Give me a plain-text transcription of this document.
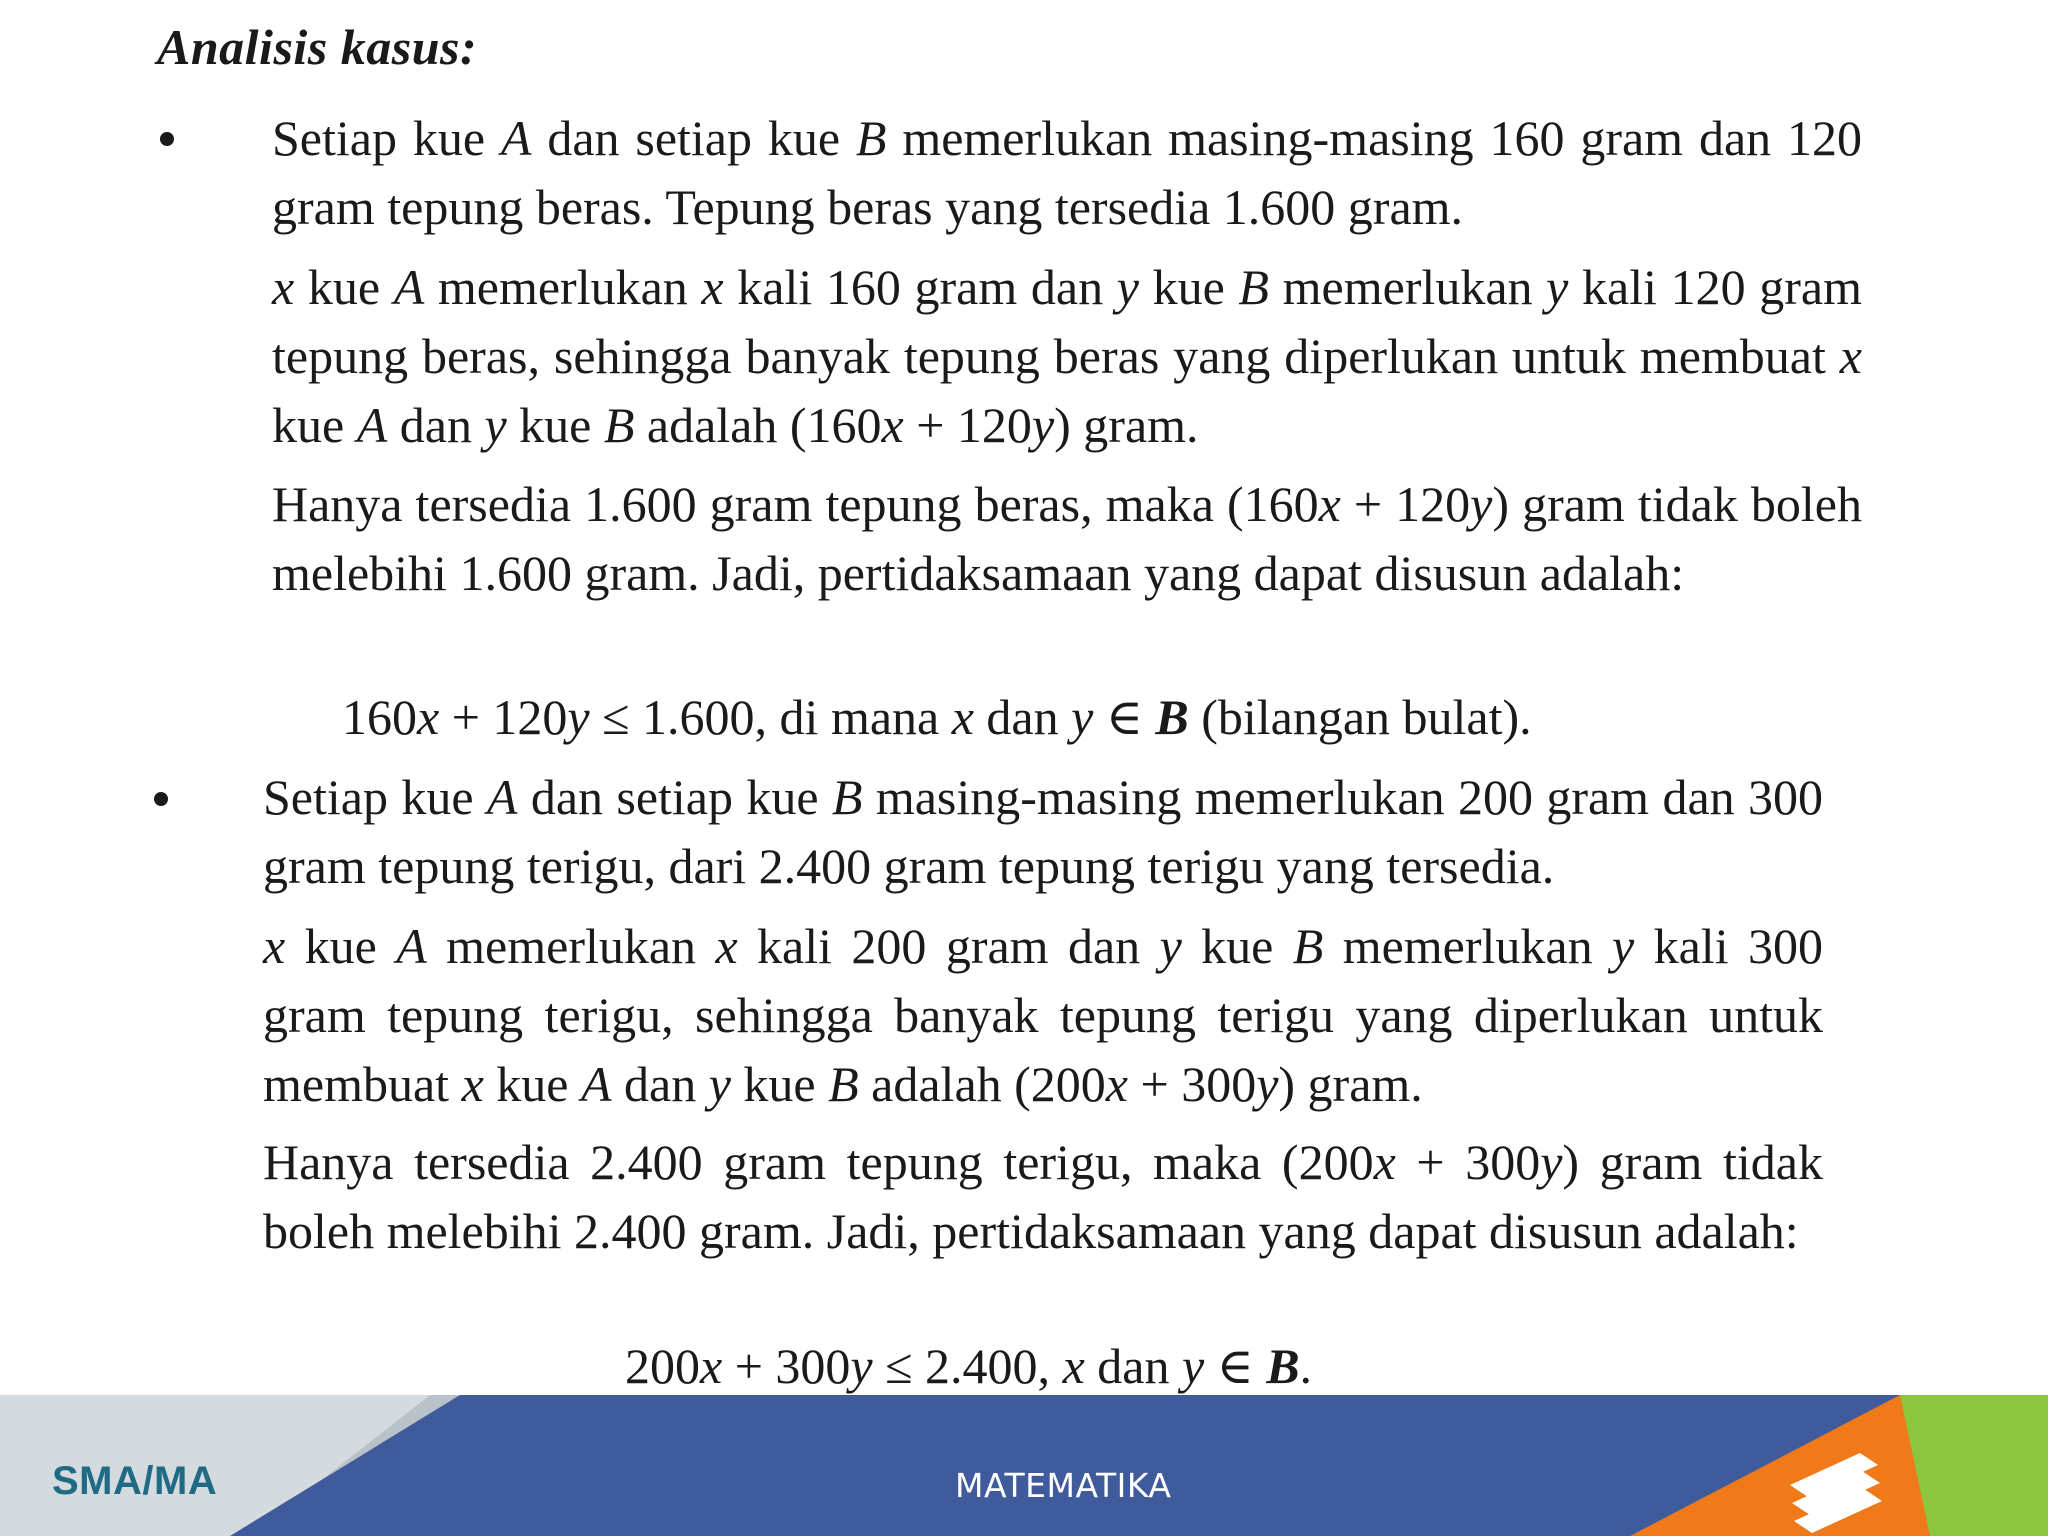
Analisis kasus:

Setiap kue A dan setiap kue B memerlukan masing-masing 160 gram dan 120 gram tepung beras. Tepung beras yang tersedia 1.600 gram.

x kue A memerlukan x kali 160 gram dan y kue B memerlukan y kali 120 gram tepung beras, sehingga banyak tepung beras yang diperlukan untuk membuat x kue A dan y kue B adalah (160x + 120y) gram.

Hanya tersedia 1.600 gram tepung beras, maka (160x + 120y) gram tidak boleh melebihi 1.600 gram. Jadi, pertidaksamaan yang dapat disusun adalah:

160x + 120y ≤ 1.600, di mana x dan y ∈ B (bilangan bulat).

Setiap kue A dan setiap kue B masing-masing memerlukan 200 gram dan 300 gram tepung terigu, dari 2.400 gram tepung terigu yang tersedia.

x kue A memerlukan x kali 200 gram dan y kue B memerlukan y kali 300 gram tepung terigu, sehingga banyak tepung terigu yang diperlukan untuk membuat x kue A dan y kue B adalah (200x + 300y) gram.

Hanya tersedia 2.400 gram tepung terigu, maka (200x + 300y) gram tidak boleh melebihi 2.400 gram. Jadi, pertidaksamaan yang dapat disusun adalah:

200x + 300y ≤ 2.400, x dan y ∈ B.

SMA/MA	MATEMATIKA
